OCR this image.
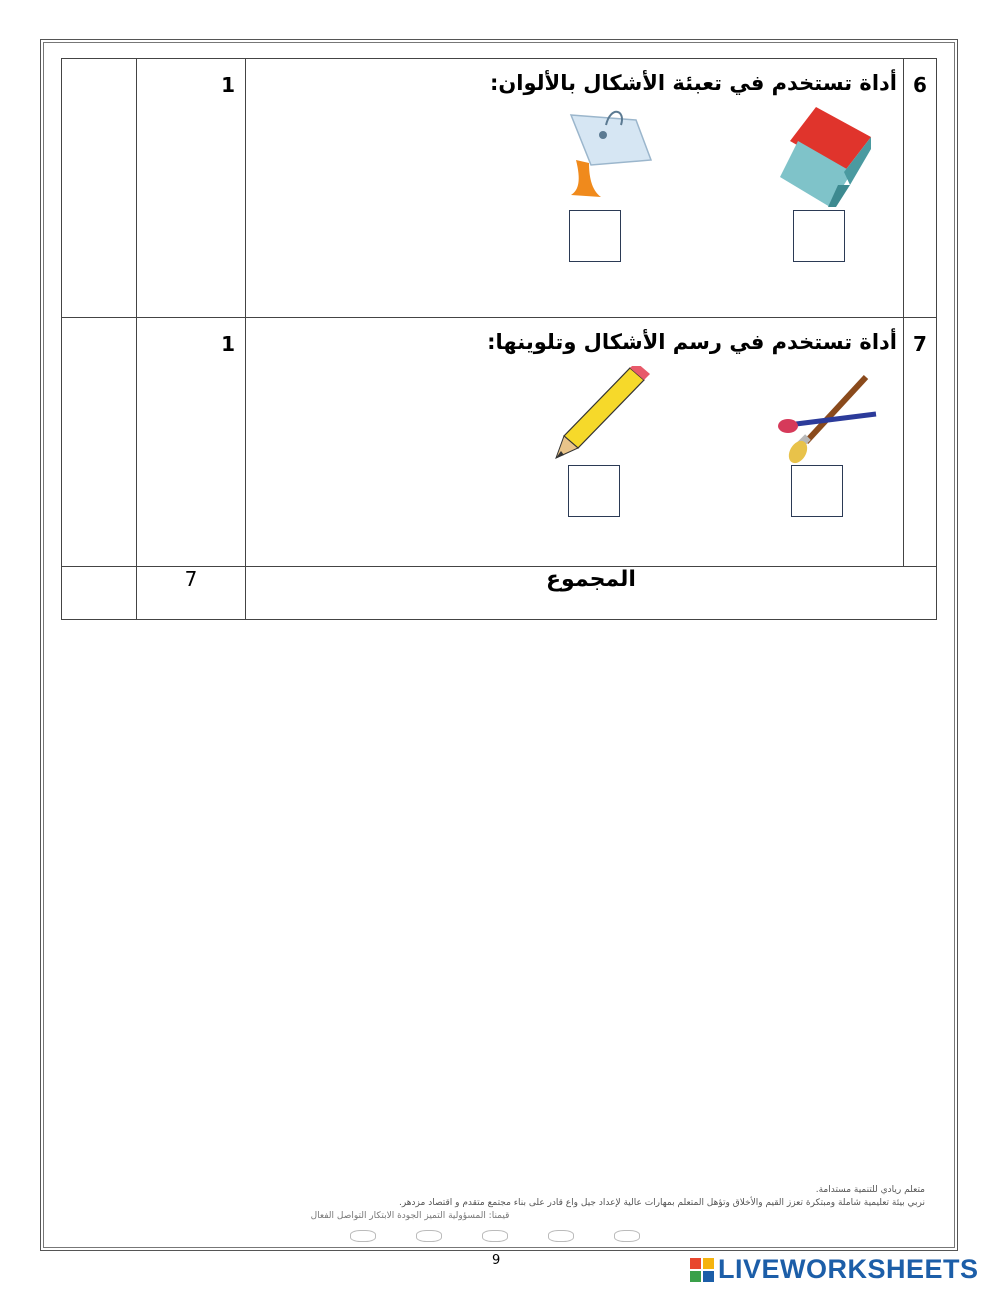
	1	أداة تستخدم في تعبئة الأشكال بالألوان:	6
	1	أداة تستخدم في رسم الأشكال وتلوينها:	7
	7	المجموع	
متعلم ريادي للتنمية مستدامة.
نربي بيئة تعليمية شاملة ومبتكرة تعزز القيم والأخلاق وتؤهل المتعلم بمهارات عالية لإعداد جيل واع قادر على بناء مجتمع متقدم و اقتصاد مزدهر.
قيمنا: المسؤولية التميز الجودة الابتكار التواصل الفعال
9	LIVEWORKSHEETS
